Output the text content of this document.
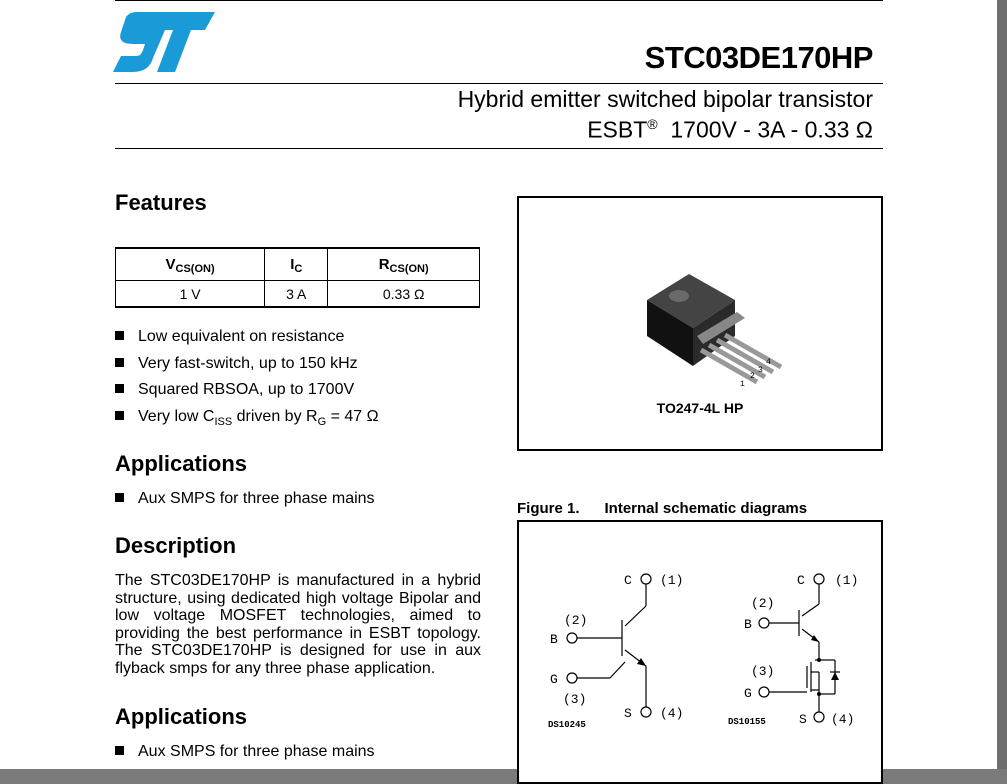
STC03DE170HP
Hybrid emitter switched bipolar transistor
ESBT® 1700V - 3A - 0.33 Ω
Features
$V_{CS(ON)}$	$I_C$	$R_{CS(ON)}$
1 V	3 A	0.33 Ω
Low equivalent on resistance
Very fast-switch, up to 150 kHz
Squared RBSOA, up to 1700V
Very low $C_{ISS}$ driven by $R_G = 47$ Ω
Applications
Aux SMPS for three phase mains
Description
The STC03DE170HP is manufactured in a hybrid structure, using dedicated high voltage Bipolar and low voltage MOSFET technologies, aimed to providing the best performance in ESBT topology. The STC03DE170HP is designed for use in aux flyback smps for any three phase application.
Applications
Aux SMPS for three phase mains
1
2
3
4
TO247-4L HP
Figure 1. Internal schematic diagrams
C (1)
(2)
B
G
(3)
S (4)
C (1)
(2)
B
(3)
G
S (4)
DS10245	DS10155
